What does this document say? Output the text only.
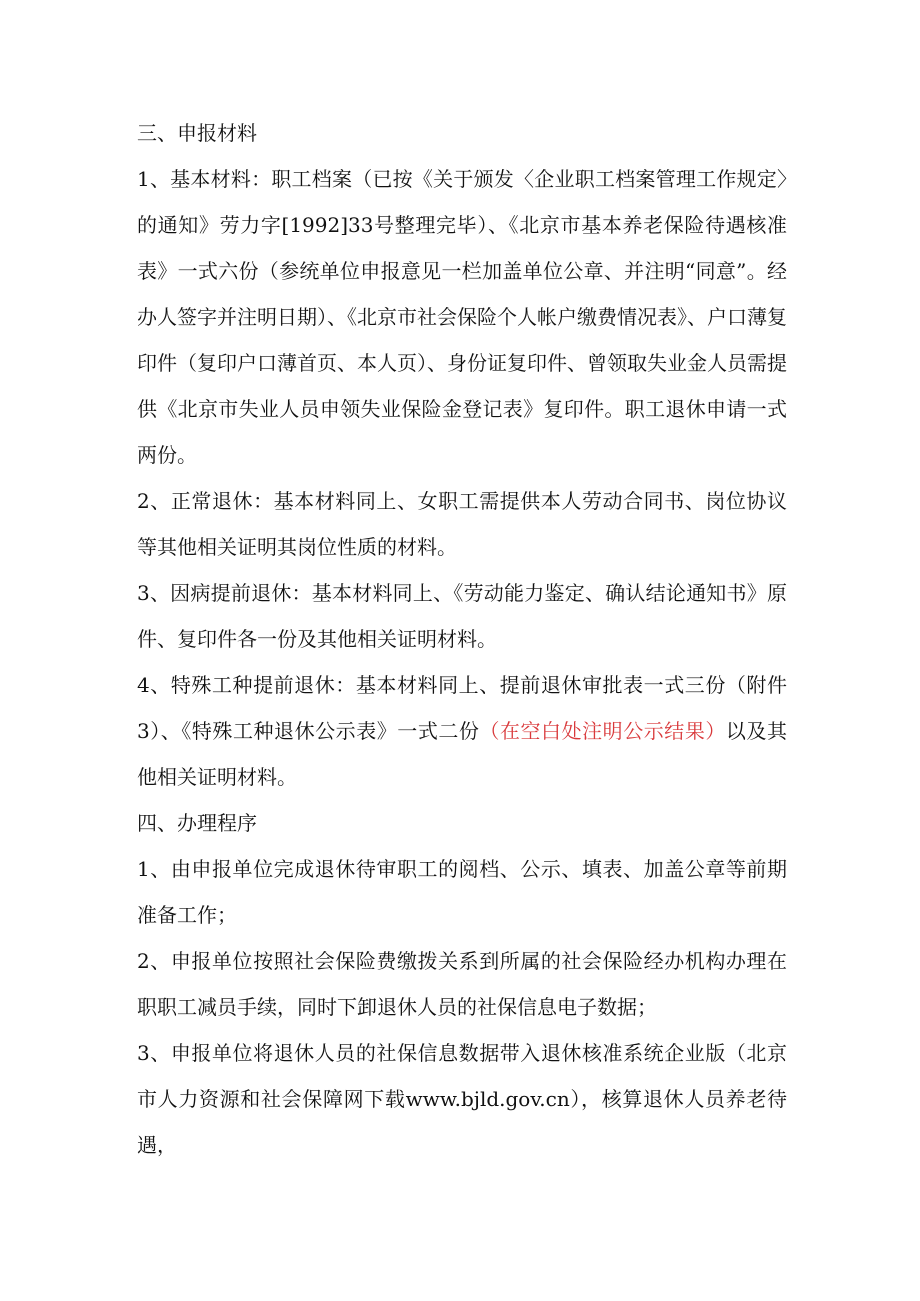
三、申报材料

1、基本材料：职工档案（已按《关于颁发〈企业职工档案管理工作规定〉的通知》劳力字[1992]33号整理完毕）、《北京市基本养老保险待遇核准表》一式六份（参统单位申报意见一栏加盖单位公章、并注明“同意”。经办人签字并注明日期）、《北京市社会保险个人帐户缴费情况表》、户口薄复印件（复印户口薄首页、本人页）、身份证复印件、曾领取失业金人员需提供《北京市失业人员申领失业保险金登记表》复印件。职工退休申请一式两份。

2、正常退休：基本材料同上、女职工需提供本人劳动合同书、岗位协议等其他相关证明其岗位性质的材料。

3、因病提前退休：基本材料同上、《劳动能力鉴定、确认结论通知书》原件、复印件各一份及其他相关证明材料。

4、特殊工种提前退休：基本材料同上、提前退休审批表一式三份（附件3）、《特殊工种退休公示表》一式二份（在空白处注明公示结果）以及其他相关证明材料。

四、办理程序

1、由申报单位完成退休待审职工的阅档、公示、填表、加盖公章等前期准备工作；

2、申报单位按照社会保险费缴拨关系到所属的社会保险经办机构办理在职职工减员手续，同时下卸退休人员的社保信息电子数据；

3、申报单位将退休人员的社保信息数据带入退休核准系统企业版（北京市人力资源和社会保障网下载www.bjld.gov.cn），核算退休人员养老待遇，
